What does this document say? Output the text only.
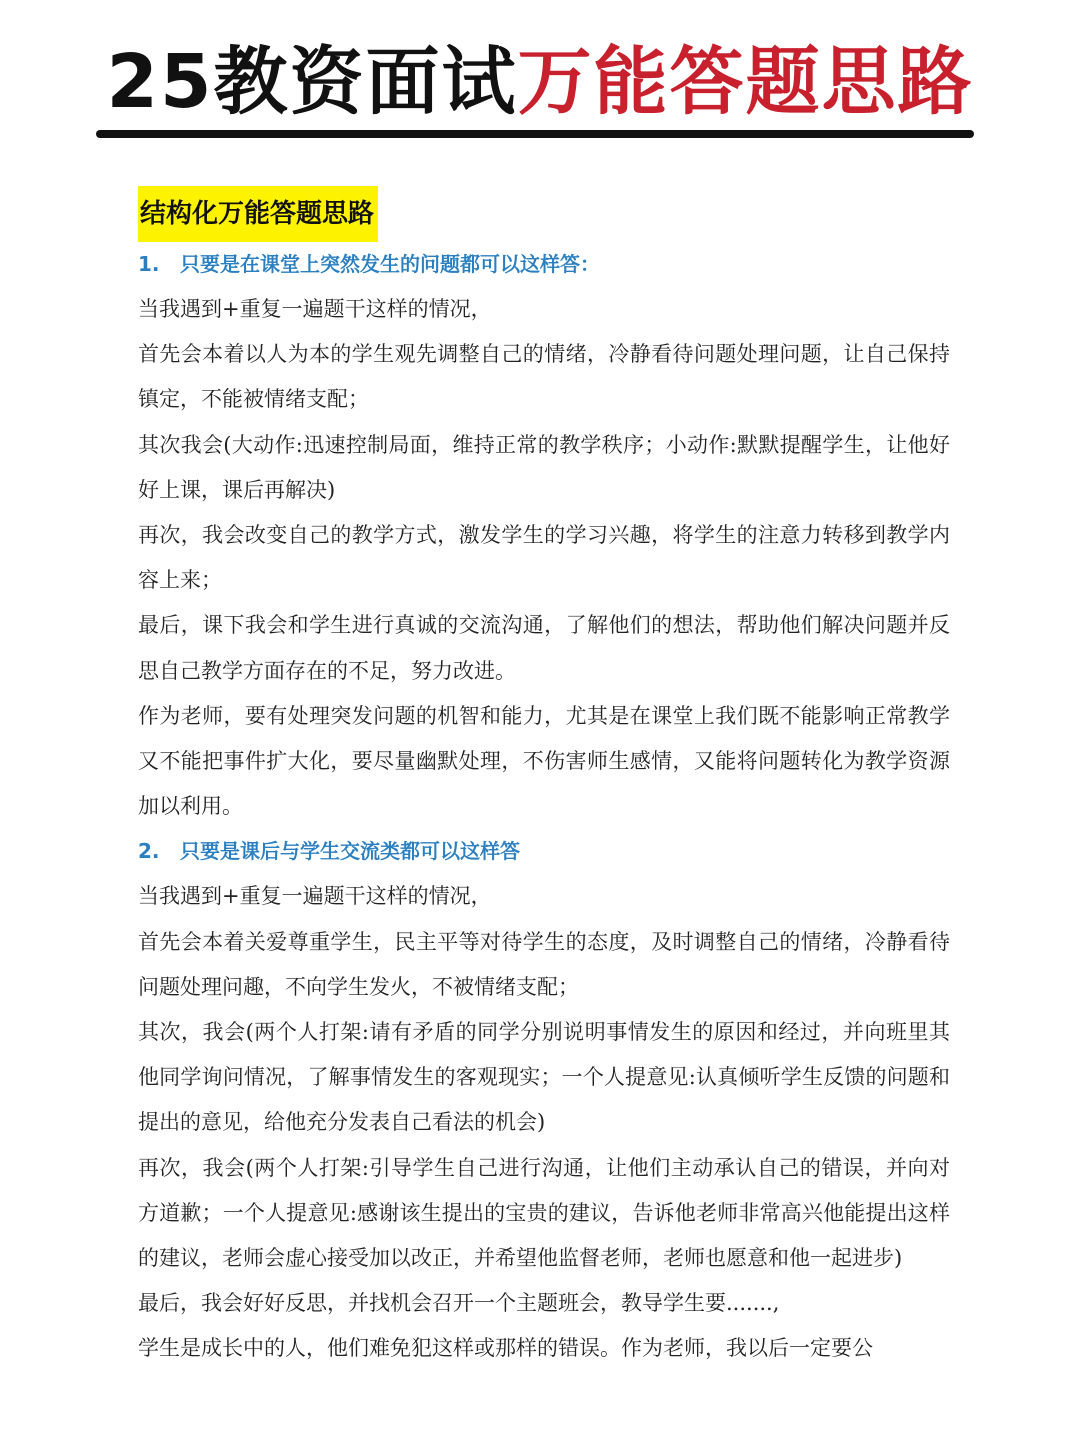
25教资面试万能答题思路
结构化万能答题思路
1. 只要是在课堂上突然发生的问题都可以这样答：

当我遇到+重复一遍题干这样的情况，

首先会本着以人为本的学生观先调整自己的情绪，冷静看待问题处理问题，让自己保持镇定，不能被情绪支配；

其次我会(大动作:迅速控制局面，维持正常的教学秩序；小动作:默默提醒学生，让他好好上课，课后再解决)

再次，我会改变自己的教学方式，激发学生的学习兴趣，将学生的注意力转移到教学内容上来；

最后，课下我会和学生进行真诚的交流沟通，了解他们的想法，帮助他们解决问题并反思自己教学方面存在的不足，努力改进。

作为老师，要有处理突发问题的机智和能力，尤其是在课堂上我们既不能影响正常教学又不能把事件扩大化，要尽量幽默处理，不伤害师生感情，又能将问题转化为教学资源加以利用。

2. 只要是课后与学生交流类都可以这样答

当我遇到+重复一遍题干这样的情况，

首先会本着关爱尊重学生，民主平等对待学生的态度，及时调整自己的情绪，冷静看待问题处理问趣，不向学生发火，不被情绪支配；

其次，我会(两个人打架:请有矛盾的同学分别说明事情发生的原因和经过，并向班里其他同学询问情况，了解事情发生的客观现实；一个人提意见:认真倾听学生反馈的问题和提出的意见，给他充分发表自己看法的机会)

再次，我会(两个人打架:引导学生自己进行沟通，让他们主动承认自己的错误，并向对方道歉；一个人提意见:感谢该生提出的宝贵的建议，告诉他老师非常高兴他能提出这样的建议，老师会虚心接受加以改正，并希望他监督老师，老师也愿意和他一起进步)

最后，我会好好反思，并找机会召开一个主题班会，教导学生要.......,

学生是成长中的人，他们难免犯这样或那样的错误。作为老师，我以后一定要公
